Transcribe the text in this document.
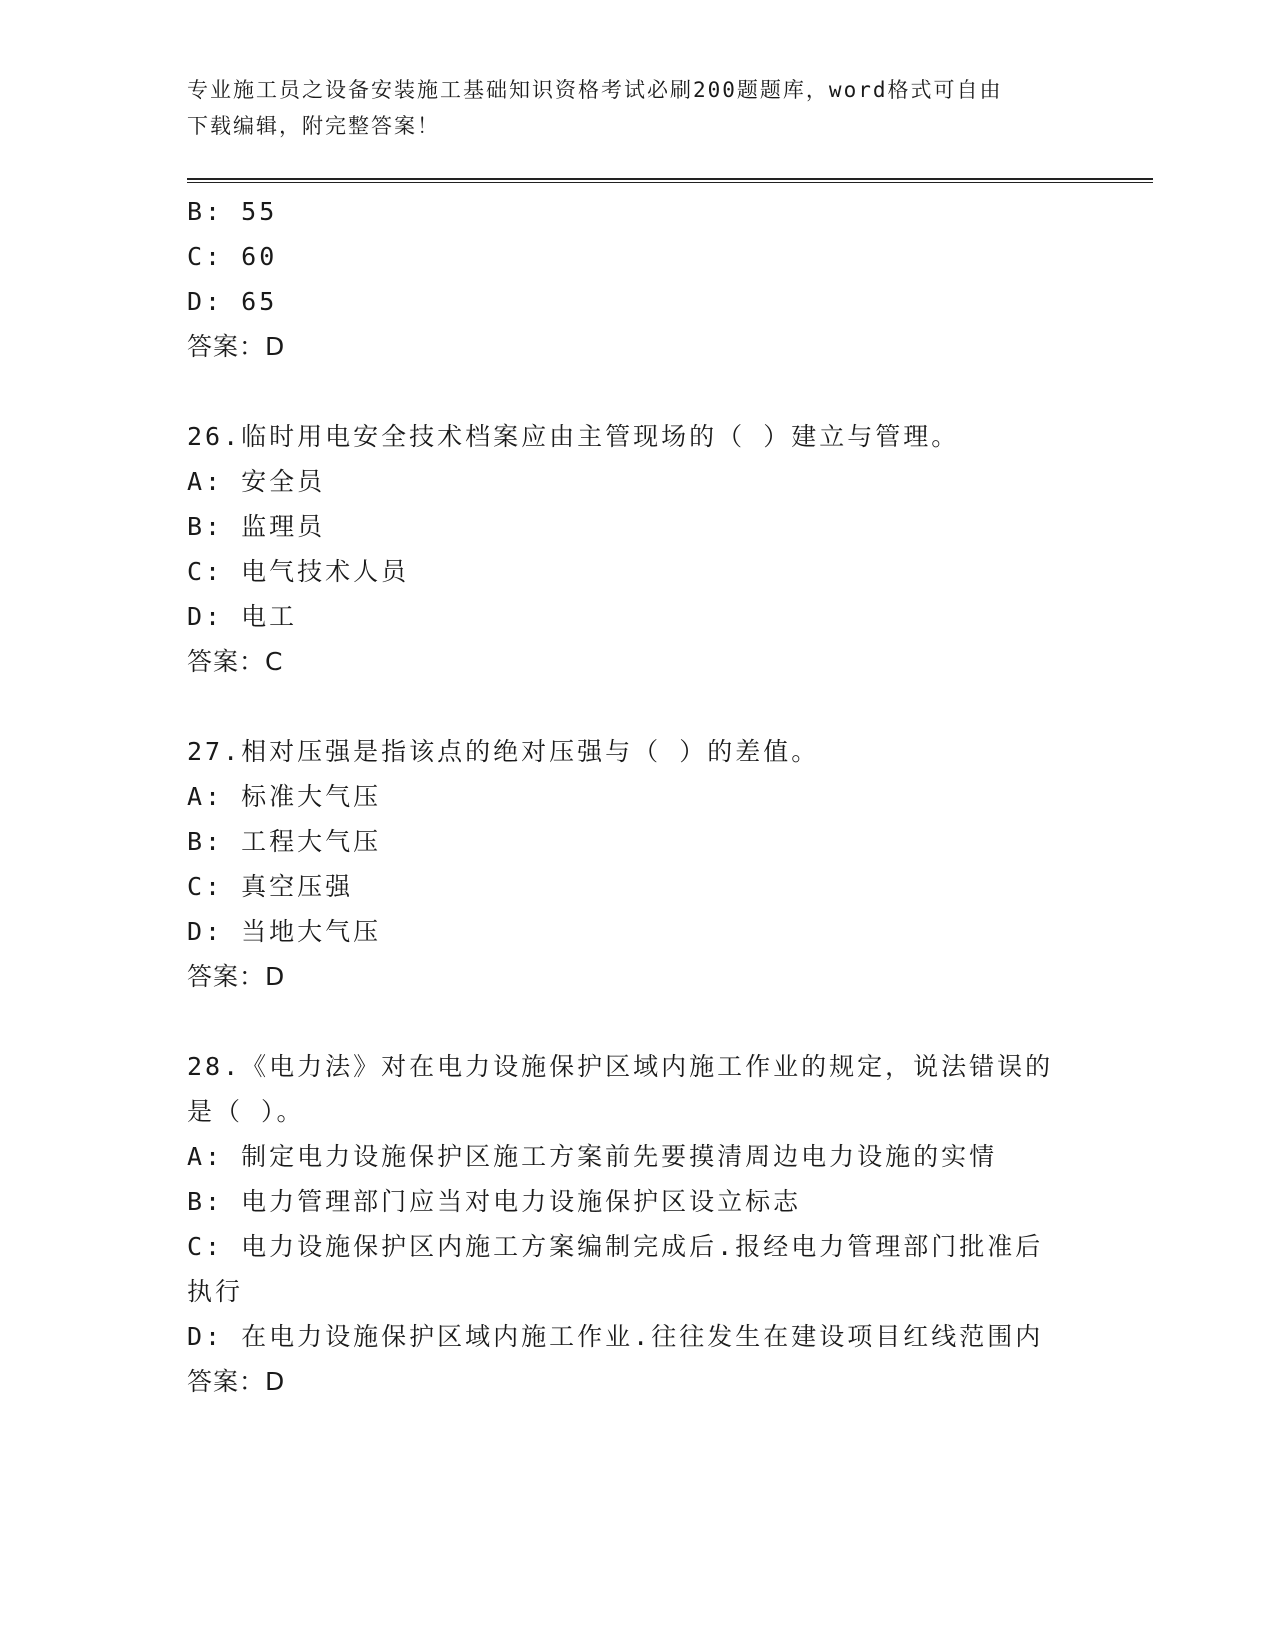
专业施工员之设备安装施工基础知识资格考试必刷200题题库，word格式可自由
下载编辑，附完整答案！
B: 55
C: 60
D: 65
答案：D
26.临时用电安全技术档案应由主管现场的（ ）建立与管理。
A: 安全员
B: 监理员
C: 电气技术人员
D: 电工
答案：C
27.相对压强是指该点的绝对压强与（ ）的差值。
A: 标准大气压
B: 工程大气压
C: 真空压强
D: 当地大气压
答案：D
28.《电力法》对在电力设施保护区域内施工作业的规定，说法错误的
是（ ）。
A: 制定电力设施保护区施工方案前先要摸清周边电力设施的实情
B: 电力管理部门应当对电力设施保护区设立标志
C: 电力设施保护区内施工方案编制完成后.报经电力管理部门批准后
执行
D: 在电力设施保护区域内施工作业.往往发生在建设项目红线范围内
答案：D
